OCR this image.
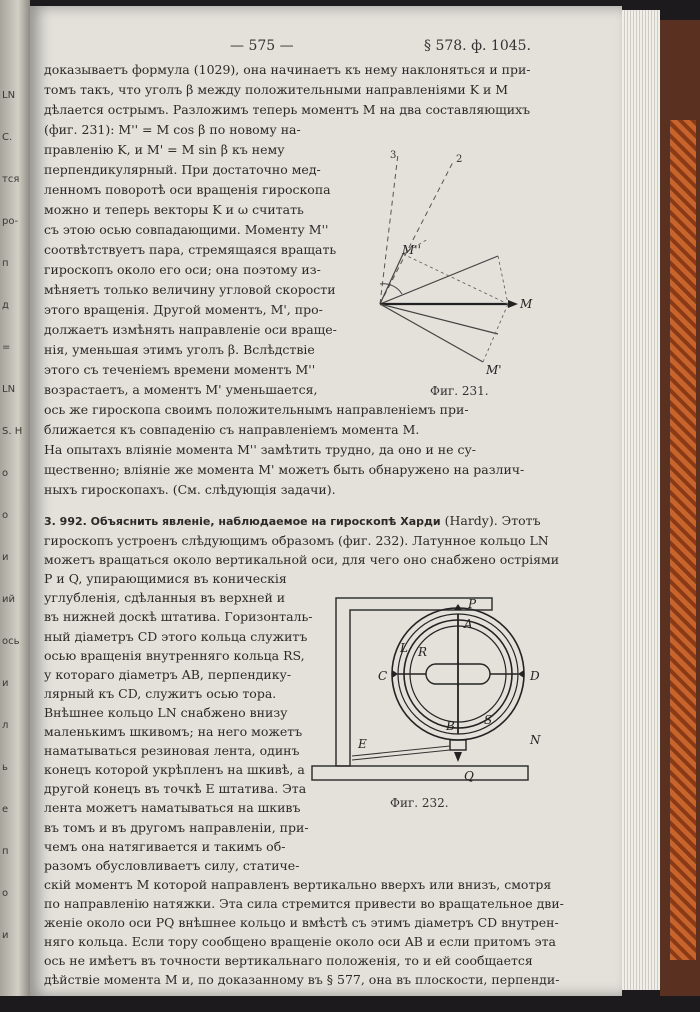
LN
C.
тся
ро-
п
д
=
LN
S. H
о
о
и
ий
ось
и
л
ь
е
п
о
и
— 575 —	§ 578. ф. 1045.
доказываетъ формула (1029), она начинаетъ къ нему наклоняться и при-
томъ такъ, что уголъ β между положительными направленіями K и M
дѣлается острымъ. Разложимъ теперь моментъ M на два составляющихъ
(фиг. 231): M'' = M cos β по новому на-
правленію K, и M' = M sin β къ нему
перпендикулярный. При достаточно мед-
ленномъ поворотѣ оси вращенія гироскопа
можно и теперь векторы K и ω считать
съ этою осью совпадающими. Моменту M''
соотвѣтствуетъ пара, стремящаяся вращать
гироскопъ около его оси; она поэтому из-
мѣняетъ только величину угловой скорости
этого вращенія. Другой моментъ, M', про-
должаетъ измѣнять направленіе оси враще-
нія, уменьшая этимъ уголъ β. Вслѣдствіе
этого съ теченіемъ времени моментъ M''
возрастаетъ, а моментъ M' уменьшается,
ось же гироскопа своимъ положительнымъ направленіемъ при-
ближается къ совпаденію съ направленіемъ момента M.
На опытахъ вліяніе момента M'' замѣтить трудно, да оно и не су-
щественно; вліяніе же момента M' можетъ быть обнаружено на различ-
ныхъ гироскопахъ. (См. слѣдующія задачи).
3. 992. Объяснить явленіе, наблюдаемое на гироскопѣ Харди (Hardy). Этотъ
гироскопъ устроенъ слѣдующимъ образомъ (фиг. 232). Латунное кольцо LN
можетъ вращаться около вертикальной оси, для чего оно снабжено остріями
P и Q, упирающимися въ коническія
углубленія, сдѣланныя въ верхней и
въ нижней доскѣ штатива. Горизонталь-
ный діаметръ CD этого кольца служитъ
осью вращенія внутренняго кольца RS,
у котораго діаметръ AB, перпендику-
лярный къ CD, служитъ осью тора.
Внѣшнее кольцо LN снабжено внизу
маленькимъ шкивомъ; на него можетъ
наматываться резиновая лента, одинъ
конецъ которой укрѣпленъ на шкивѣ, а
другой конецъ въ точкѣ E штатива. Эта
лента можетъ наматываться на шкивъ
въ томъ и въ другомъ направленіи, при-
чемъ она натягивается и такимъ об-
разомъ обусловливаетъ силу, статиче-
скій моментъ M которой направленъ вертикально вверхъ или внизъ, смотря
по направленію натяжки. Эта сила стремится привести во вращательное дви-
женіе около оси PQ внѣшнее кольцо и вмѣстѣ съ этимъ діаметръ CD внутрен-
няго кольца. Если тору сообщено вращеніе около оси AB и если притомъ эта
ось не имѣетъ въ точности вертикальнаго положенія, то и ей сообщается
дѣйствіе момента M и, по доказанному въ § 577, она въ плоскости, перпенди-
3	2
M''
M
M'
Фиг. 231.
P
Q
L
N
C	D
A
B
R
S
E
Фиг. 232.
